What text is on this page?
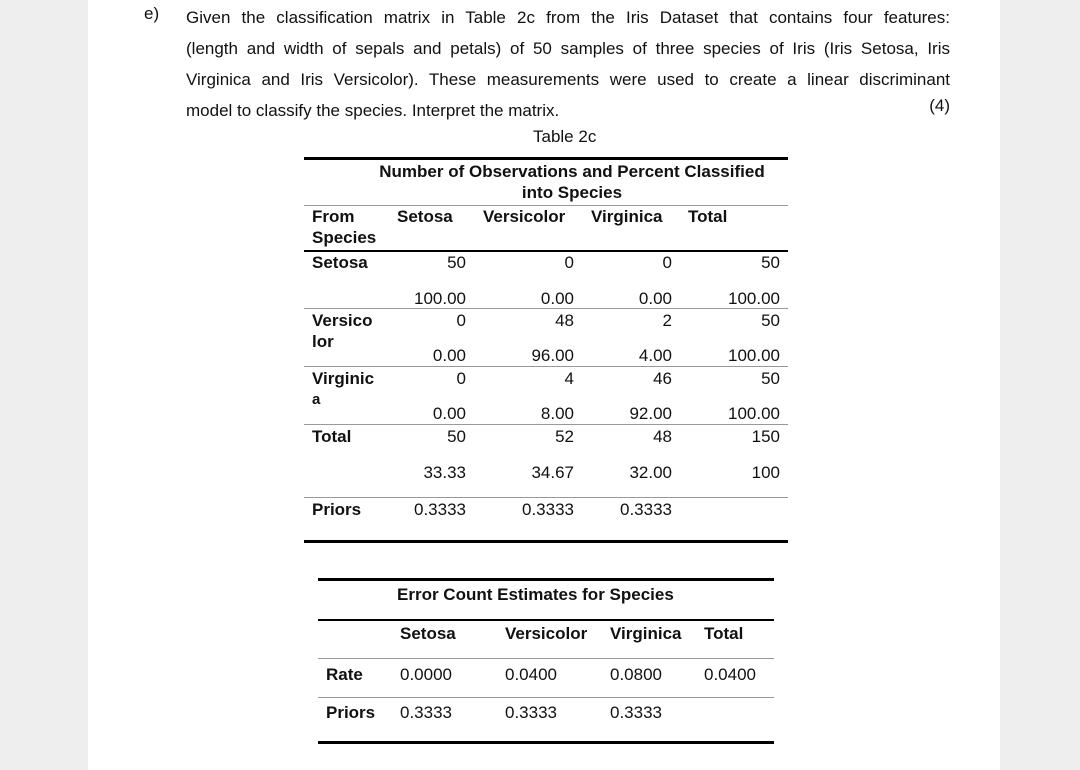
e) Given the classification matrix in Table 2c from the Iris Dataset that contains four features:
(length and width of sepals and petals) of 50 samples of three species of Iris (Iris Setosa, Iris
Virginica and Iris Versicolor). These measurements were used to create a linear discriminant
model to classify the species. Interpret the matrix.	(4)
Table 2c
Number of Observations and Percent Classified
into Species
From
Species
Setosa Versicolor Virginica Total
Setosa	50	0	0	50
100.00	0.00	0.00	100.00
Versico
lor
0	48	2	50
0.00	96.00	4.00	100.00
Virginic
a
0	4	46	50
0.00	8.00	92.00	100.00
Total	50	52	48	150
33.33	34.67	32.00	100
Priors	0.3333	0.3333	0.3333
Error Count Estimates for Species
Setosa	Versicolor Virginica Total
Rate 0.0000	0.0400	0.0800 0.0400
Priors 0.3333	0.3333	0.3333
